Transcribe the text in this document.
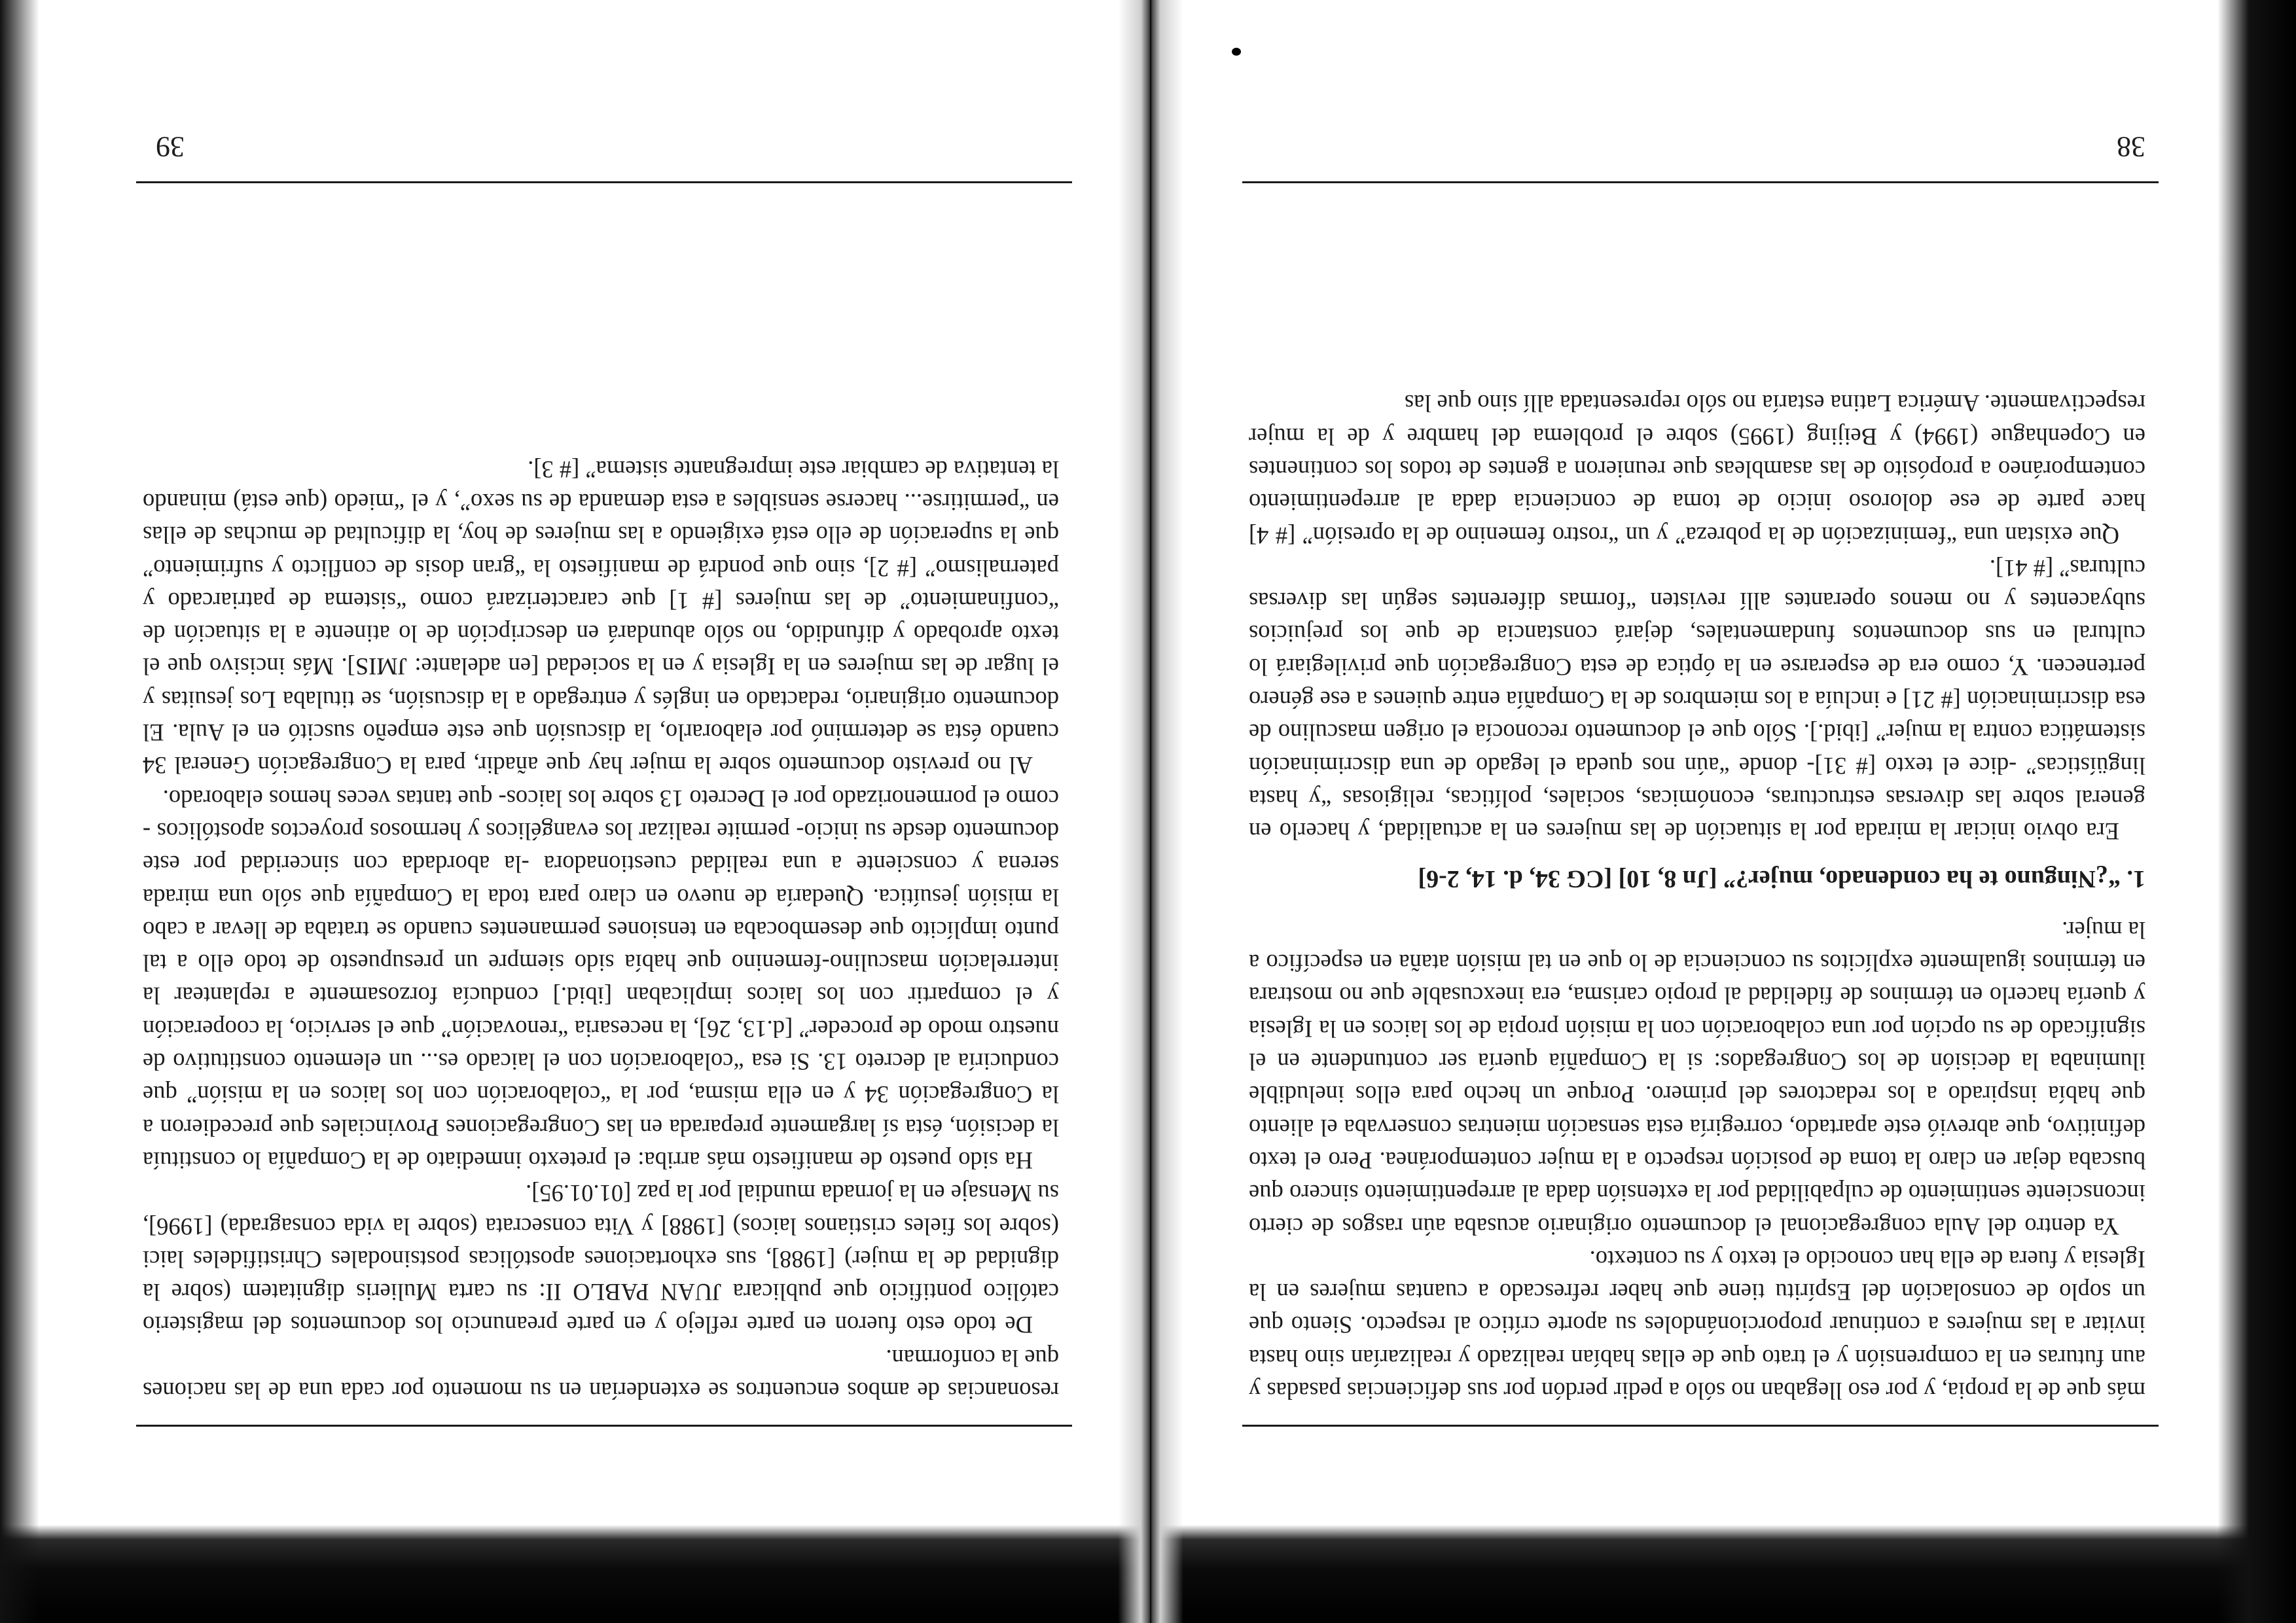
más que de la propia, y por eso llegaban no sólo a pedir perdón por sus deficiencias pasadas y aun futuras en la comprensión y el trato que de ellas habían realizado y realizarían sino hasta invitar a las mujeres a continuar proporcionándoles su aporte crítico al respecto. Siento que un soplo de consolación del Espíritu tiene que haber refrescado a cuantas mujeres en la Iglesia y fuera de ella han conocido el texto y su contexto.

Ya dentro del Aula congregacional el documento originario acusaba aún rasgos de cierto inconsciente sentimiento de culpabilidad por la extensión dada al arrepentimiento sincero que buscaba dejar en claro la toma de posición respecto a la mujer contemporánea. Pero el texto definitivo, que abrevió este apartado, corregiría esta sensación mientras conservaba el aliento que había inspirado a los redactores del primero. Porque un hecho para ellos ineludible iluminaba la decisión de los Congregados: si la Compañía quería ser contundente en el significado de su opción por una colaboración con la misión propia de los laicos en la Iglesia y quería hacerlo en términos de fidelidad al propio carisma, era inexcusable que no mostrara en términos igualmente explícitos su conciencia de lo que en tal misión ataña en específico a la mujer.

1. “¿Ninguno te ha condenado, mujer?” [Jn 8, 10] [CG 34, d. 14, 2-6]

Era obvio iniciar la mirada por la situación de las mujeres en la actualidad, y hacerlo en general sobre las diversas estructuras, económicas, sociales, políticas, religiosas “y hasta lingüísticas” -dice el texto [# 31]- donde “aún nos queda el legado de una discriminación sistemática contra la mujer” [ibid.]. Sólo que el documento reconocía el origen masculino de esa discriminación [# 21] e incluía a los miembros de la Compañía entre quienes a ese género pertenecen. Y, como era de esperarse en la óptica de esta Congregación que privilegiará lo cultural en sus documentos fundamentales, dejará constancia de que los prejuicios subyacentes y no menos operantes allí revisten “formas diferentes según las diversas culturas” [# 41].

Que existan una “feminización de la pobreza” y un “rostro femenino de la opresión” [# 4] hace parte de ese doloroso inicio de toma de conciencia dada al arrepentimiento contemporáneo a propósito de las asambleas que reunieron a gentes de todos los continentes en Copenhague (1994) y Beijing (1995) sobre el problema del hambre y de la mujer respectivamente. América Latina estaría no sólo representada allí sino que las

38

resonancias de ambos encuentros se extenderían en su momento por cada una de las naciones que la conforman.

De todo esto fueron en parte reflejo y en parte preanuncio los documentos del magisterio católico pontificio que publicara JUAN PABLO II: su carta Mulieris dignitatem (sobre la dignidad de la mujer) [1988], sus exhortaciones apostólicas postsinodales Christifideles laici (sobre los fieles cristianos laicos) [1988] y Vita consecrata (sobre la vida consagrada) [1996], su Mensaje en la jornada mundial por la paz [01.01.95].

Ha sido puesto de manifiesto más arriba: el pretexto inmediato de la Compañía lo constituía la decisión, ésta sí largamente preparada en las Congregaciones Provinciales que precedieron a la Congregación 34 y en ella misma, por la “colaboración con los laicos en la misión” que conduciría al decreto 13. Si esa “colaboración con el laicado es... un elemento constitutivo de nuestro modo de proceder” [d.13, 26], la necesaria “renovación” que el servicio, la cooperación y el compartir con los laicos implicaban [ibid.] conducía forzosamente a replantear la interrelación masculino-femenino que había sido siempre un presupuesto de todo ello a tal punto implícito que desembocaba en tensiones permanentes cuando se trataba de llevar a cabo la misión jesuítica. Quedaría de nuevo en claro para toda la Compañía que sólo una mirada serena y consciente a una realidad cuestionadora -la abordada con sinceridad por este documento desde su inicio- permite realizar los evangélicos y hermosos proyectos apostólicos -como el pormenorizado por el Decreto 13 sobre los laicos- que tantas veces hemos elaborado.

Al no previsto documento sobre la mujer hay que añadir, para la Congregación General 34 cuando ésta se determinó por elaborarlo, la discusión que este empeño suscitó en el Aula. El documento originario, redactado en inglés y entregado a la discusión, se titulaba Los jesuitas y el lugar de las mujeres en la Iglesia y en la sociedad [en adelante: JMIS]. Más incisivo que el texto aprobado y difundido, no sólo abundará en descripción de lo atinente a la situación de “confinamiento” de las mujeres [# 1] que caracterizará como “sistema de patriarcado y paternalismo” [# 2], sino que pondrá de manifiesto la “gran dosis de conflicto y sufrimiento” que la superación de ello está exigiendo a las mujeres de hoy, la dificultad de muchas de ellas en “permitirse... hacerse sensibles a esta demanda de su sexo”, y el “miedo (que está) minando la tentativa de cambiar este impregnante sistema” [# 3].

39
